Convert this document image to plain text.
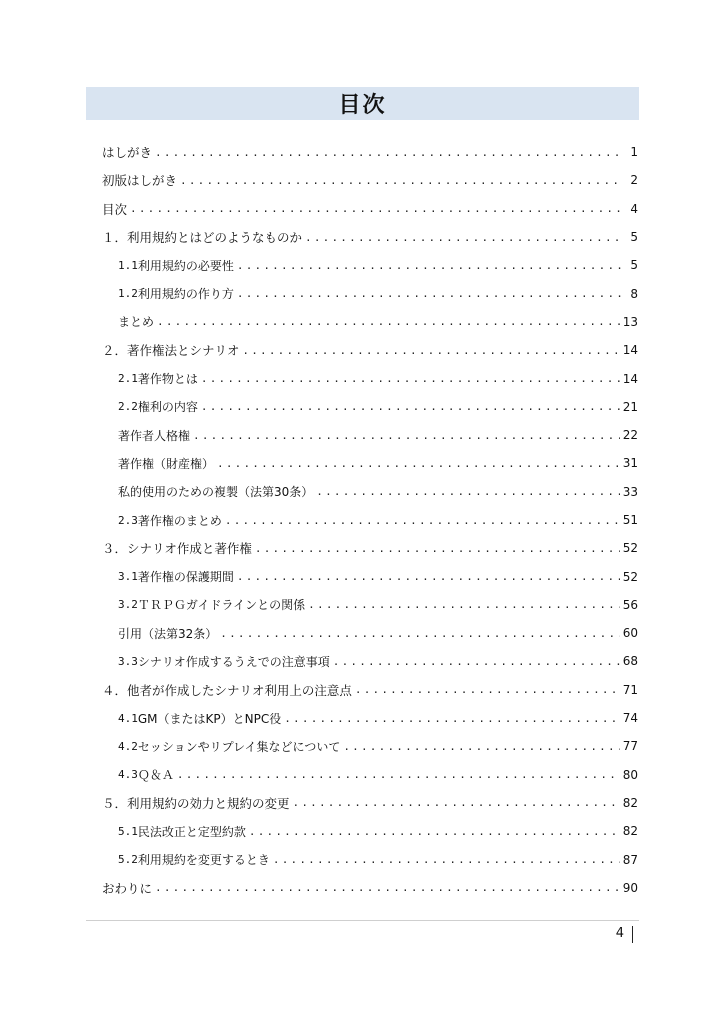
目次
はしがき .....	1
初版はしがき .....	2
目次 .....	4
１．利用規約とはどのようなものか .....	5
1.1 利用規約の必要性 .....	5
1.2 利用規約の作り方 .....	8
まとめ .....	13
２．著作権法とシナリオ .....	14
2.1 著作物とは .....	14
2.2 権利の内容 .....	21
著作者人格権 .....	22
著作権（財産権） .....	31
私的使用のための複製（法第30条） .....	33
2.3 著作権のまとめ .....	51
３．シナリオ作成と著作権 .....	52
3.1 著作権の保護期間 .....	52
3.2 ＴＲＰＧガイドラインとの関係 .....	56
引用（法第32条） .....	60
3.3 シナリオ作成するうえでの注意事項 .....	68
４．他者が作成したシナリオ利用上の注意点 .....	71
4.1 GM（またはKP）とNPC役 .....	74
4.2 セッションやリプレイ集などについて .....	77
4.3 Ｑ＆Ａ .....	80
５．利用規約の効力と規約の変更 .....	82
5.1 民法改正と定型約款 .....	82
5.2 利用規約を変更するとき .....	87
おわりに .....	90
4
